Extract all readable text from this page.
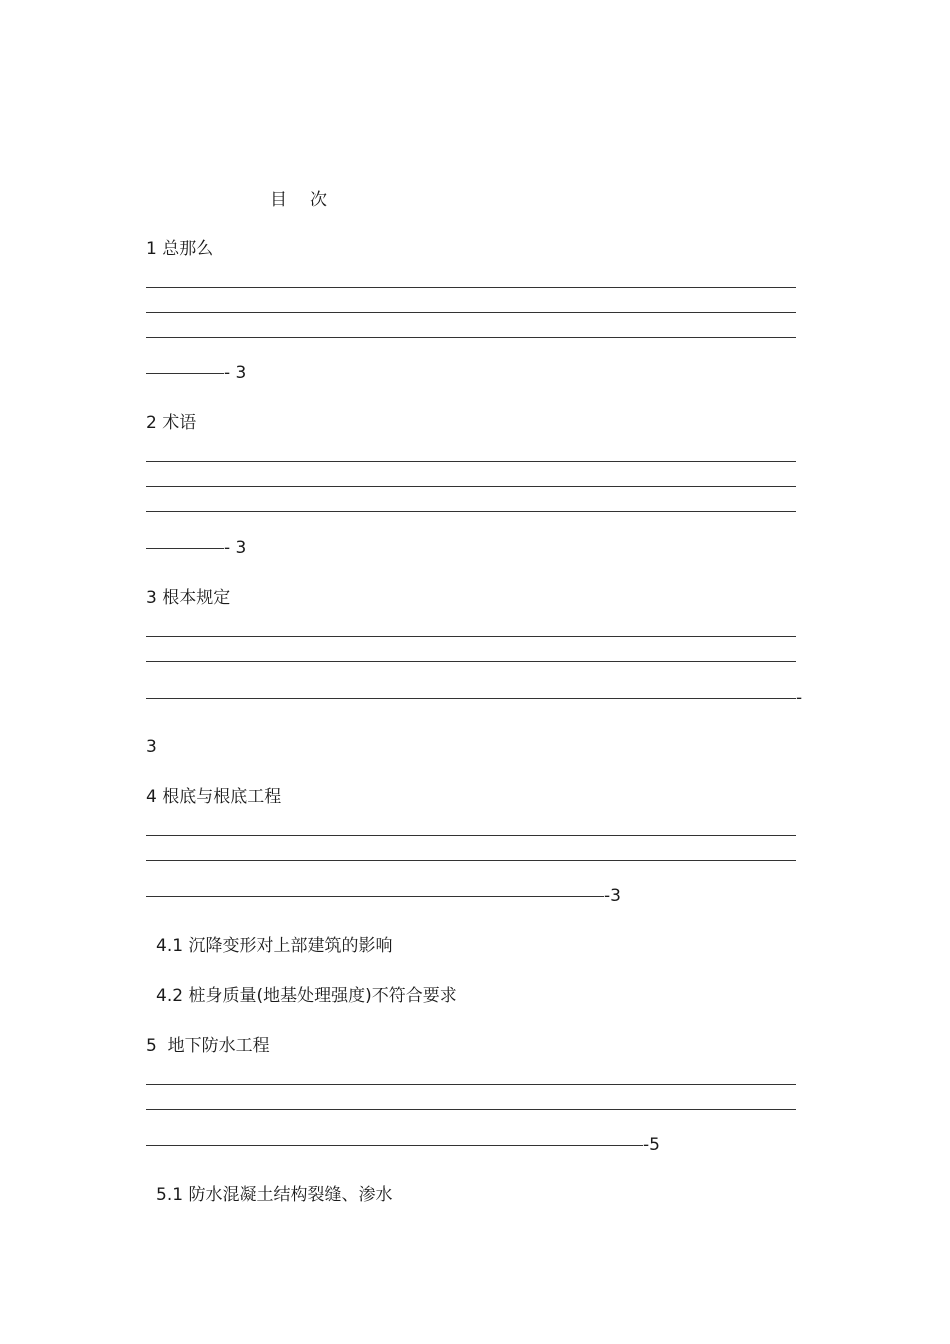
目 次
1 总那么
- 3
2 术语
- 3
3 根本规定
-
3
4 根底与根底工程
-3
4.1 沉降变形对上部建筑的影响
4.2 桩身质量(地基处理强度)不符合要求
5  地下防水工程
-5
5.1 防水混凝土结构裂缝、渗水
